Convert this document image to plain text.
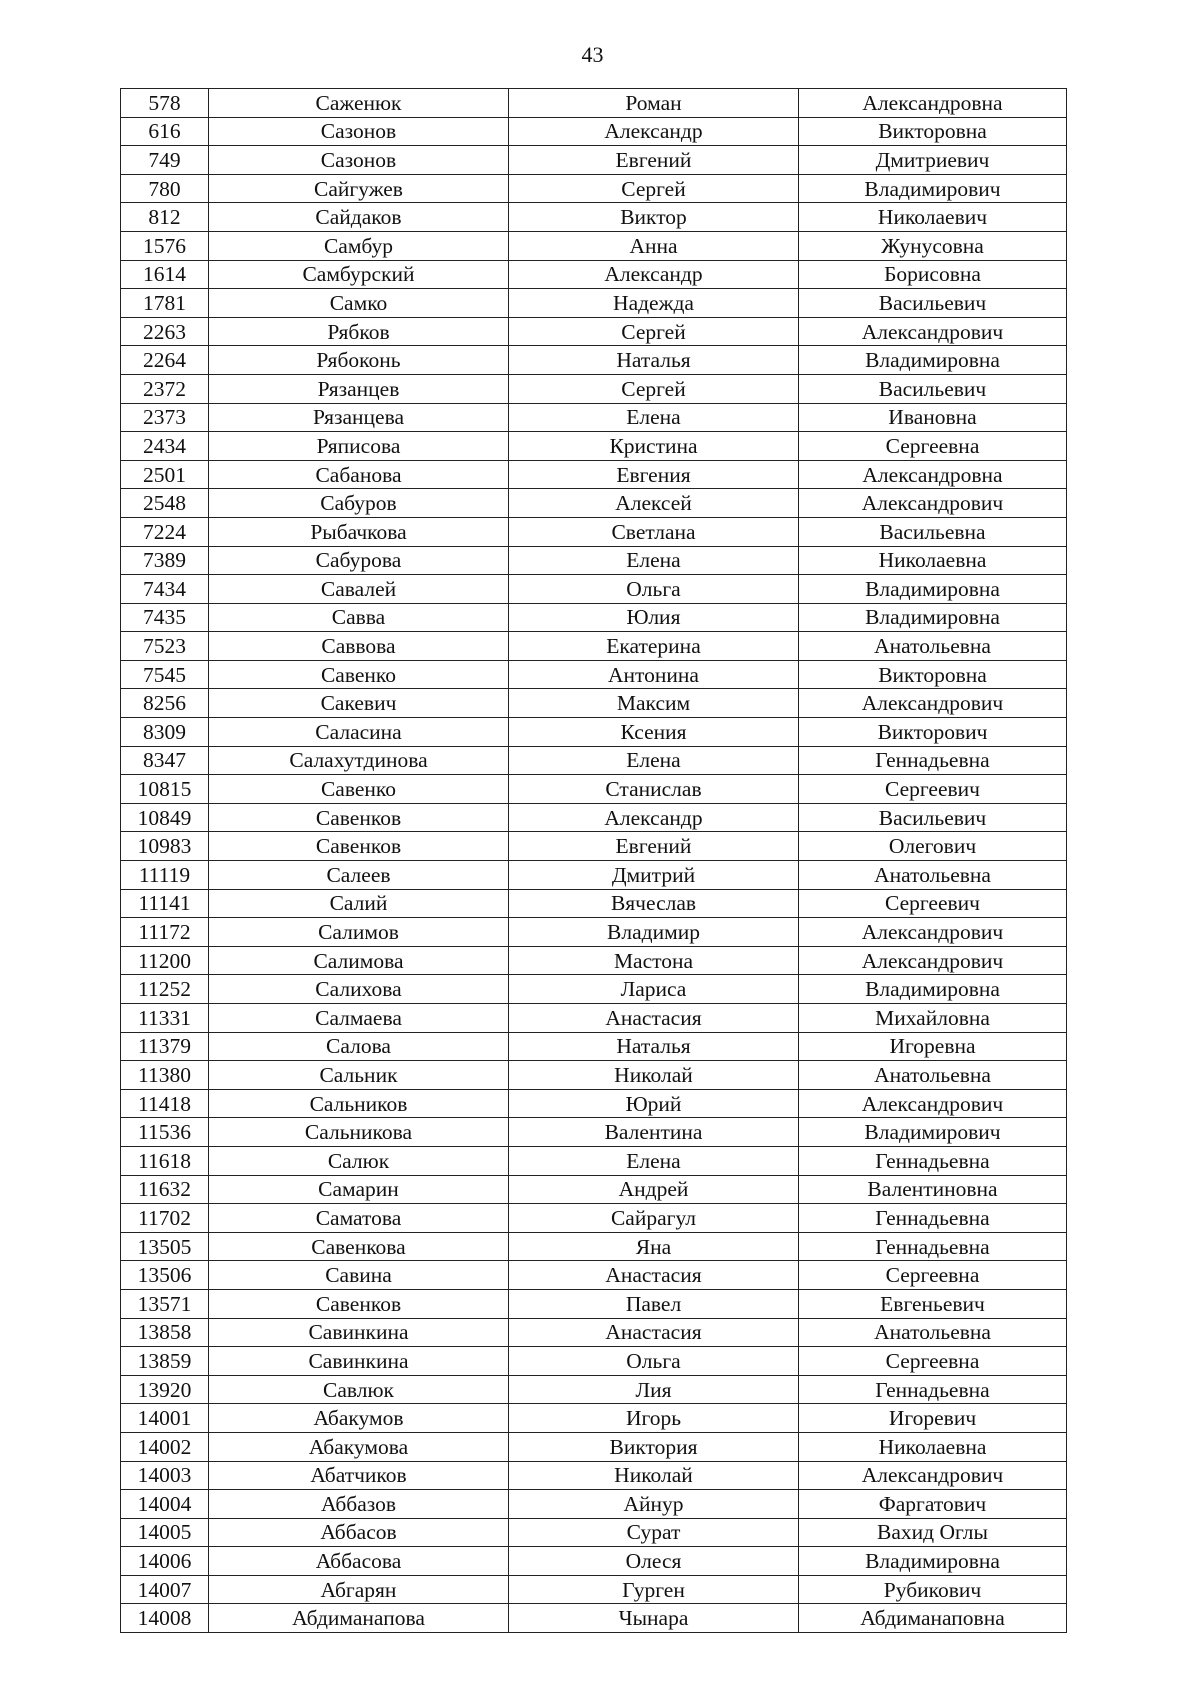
43
578	Саженюк	Роман	Александровна
616	Сазонов	Александр	Викторовна
749	Сазонов	Евгений	Дмитриевич
780	Сайгужев	Сергей	Владимирович
812	Сайдаков	Виктор	Николаевич
1576	Самбур	Анна	Жунусовна
1614	Самбурский	Александр	Борисовна
1781	Самко	Надежда	Васильевич
2263	Рябков	Сергей	Александрович
2264	Рябоконь	Наталья	Владимировна
2372	Рязанцев	Сергей	Васильевич
2373	Рязанцева	Елена	Ивановна
2434	Ряписова	Кристина	Сергеевна
2501	Сабанова	Евгения	Александровна
2548	Сабуров	Алексей	Александрович
7224	Рыбачкова	Светлана	Васильевна
7389	Сабурова	Елена	Николаевна
7434	Савалей	Ольга	Владимировна
7435	Савва	Юлия	Владимировна
7523	Саввова	Екатерина	Анатольевна
7545	Савенко	Антонина	Викторовна
8256	Сакевич	Максим	Александрович
8309	Саласина	Ксения	Викторович
8347	Салахутдинова	Елена	Геннадьевна
10815	Савенко	Станислав	Сергеевич
10849	Савенков	Александр	Васильевич
10983	Савенков	Евгений	Олегович
11119	Салеев	Дмитрий	Анатольевна
11141	Салий	Вячеслав	Сергеевич
11172	Салимов	Владимир	Александрович
11200	Салимова	Мастона	Александрович
11252	Салихова	Лариса	Владимировна
11331	Салмаева	Анастасия	Михайловна
11379	Салова	Наталья	Игоревна
11380	Сальник	Николай	Анатольевна
11418	Сальников	Юрий	Александрович
11536	Сальникова	Валентина	Владимирович
11618	Салюк	Елена	Геннадьевна
11632	Самарин	Андрей	Валентиновна
11702	Саматова	Сайрагул	Геннадьевна
13505	Савенкова	Яна	Геннадьевна
13506	Савина	Анастасия	Сергеевна
13571	Савенков	Павел	Евгеньевич
13858	Савинкина	Анастасия	Анатольевна
13859	Савинкина	Ольга	Сергеевна
13920	Савлюк	Лия	Геннадьевна
14001	Абакумов	Игорь	Игоревич
14002	Абакумова	Виктория	Николаевна
14003	Абатчиков	Николай	Александрович
14004	Аббазов	Айнур	Фаргатович
14005	Аббасов	Сурат	Вахид Оглы
14006	Аббасова	Олеся	Владимировна
14007	Абгарян	Гурген	Рубикович
14008	Абдиманапова	Чынара	Абдиманаповна
